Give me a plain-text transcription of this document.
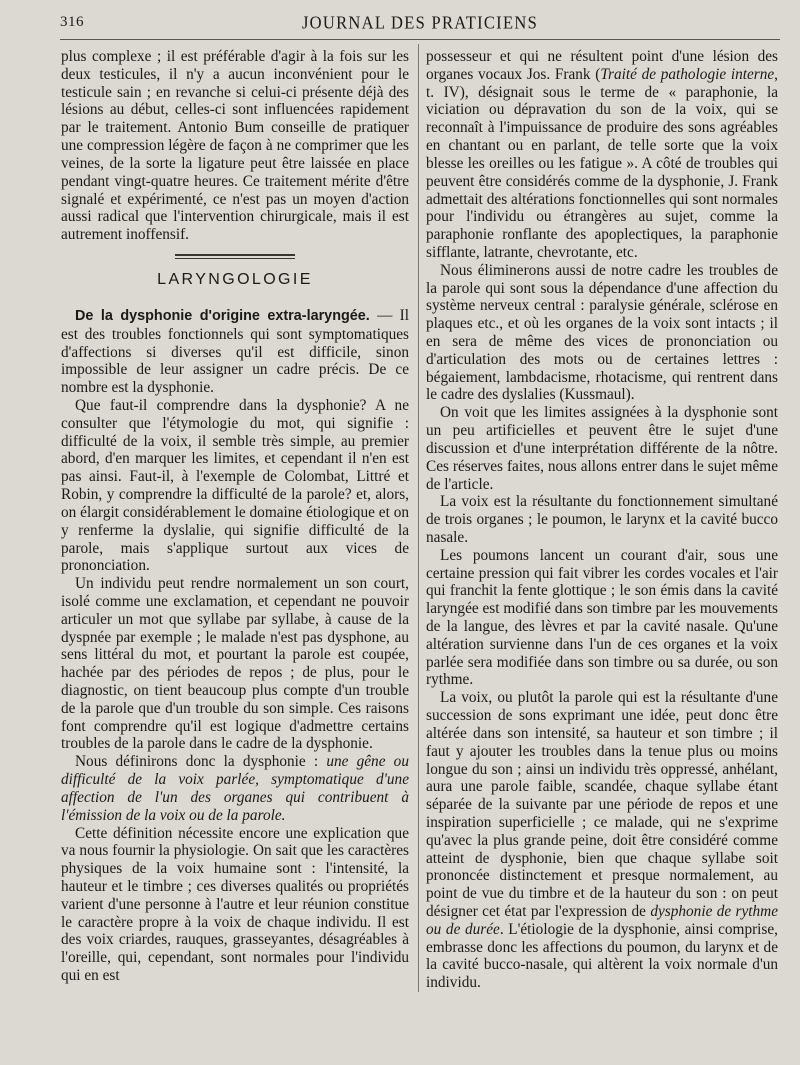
316	JOURNAL DES PRATICIENS

plus complexe ; il est préférable d'agir à la fois sur les deux testicules, il n'y a aucun inconvénient pour le testicule sain ; en revanche si celui-ci présente déjà des lésions au début, celles-ci sont influencées rapidement par le traitement. Antonio Bum conseille de pratiquer une compression légère de façon à ne comprimer que les veines, de la sorte la ligature peut être laissée en place pendant vingt-quatre heures. Ce traitement mérite d'être signalé et expérimenté, ce n'est pas un moyen d'action aussi radical que l'intervention chirurgicale, mais il est autrement inoffensif.

LARYNGOLOGIE

De la dysphonie d'origine extra-laryngée. — Il est des troubles fonctionnels qui sont symptomatiques d'affections si diverses qu'il est difficile, sinon impossible de leur assigner un cadre précis. De ce nombre est la dysphonie.

Que faut-il comprendre dans la dysphonie? A ne consulter que l'étymologie du mot, qui signifie : difficulté de la voix, il semble très simple, au premier abord, d'en marquer les limites, et cependant il n'en est pas ainsi. Faut-il, à l'exemple de Colombat, Littré et Robin, y comprendre la difficulté de la parole? et, alors, on élargit considérablement le domaine étiologique et on y renferme la dyslalie, qui signifie difficulté de la parole, mais s'applique surtout aux vices de prononciation.

Un individu peut rendre normalement un son court, isolé comme une exclamation, et cependant ne pouvoir articuler un mot que syllabe par syllabe, à cause de la dyspnée par exemple ; le malade n'est pas dysphone, au sens littéral du mot, et pourtant la parole est coupée, hachée par des périodes de repos ; de plus, pour le diagnostic, on tient beaucoup plus compte d'un trouble de la parole que d'un trouble du son simple. Ces raisons font comprendre qu'il est logique d'admettre certains troubles de la parole dans le cadre de la dysphonie.

Nous définirons donc la dysphonie : une gêne ou difficulté de la voix parlée, symptomatique d'une affection de l'un des organes qui contribuent à l'émission de la voix ou de la parole.

Cette définition nécessite encore une explication que va nous fournir la physiologie. On sait que les caractères physiques de la voix humaine sont : l'intensité, la hauteur et le timbre ; ces diverses qualités ou propriétés varient d'une personne à l'autre et leur réunion constitue le caractère propre à la voix de chaque individu. Il est des voix criardes, rauques, grasseyantes, désagréables à l'oreille, qui, cependant, sont normales pour l'individu qui en est

possesseur et qui ne résultent point d'une lésion des organes vocaux Jos. Frank (Traité de pathologie interne, t. IV), désignait sous le terme de « paraphonie, la viciation ou dépravation du son de la voix, qui se reconnaît à l'impuissance de produire des sons agréables en chantant ou en parlant, de telle sorte que la voix blesse les oreilles ou les fatigue ». A côté de troubles qui peuvent être considérés comme de la dysphonie, J. Frank admettait des altérations fonctionnelles qui sont normales pour l'individu ou étrangères au sujet, comme la paraphonie ronflante des apoplectiques, la paraphonie sifflante, latrante, chevrotante, etc.

Nous éliminerons aussi de notre cadre les troubles de la parole qui sont sous la dépendance d'une affection du système nerveux central : paralysie générale, sclérose en plaques etc., et où les organes de la voix sont intacts ; il en sera de même des vices de prononciation ou d'articulation des mots ou de certaines lettres : bégaiement, lambdacisme, rhotacisme, qui rentrent dans le cadre des dyslalies (Kussmaul).

On voit que les limites assignées à la dysphonie sont un peu artificielles et peuvent être le sujet d'une discussion et d'une interprétation différente de la nôtre. Ces réserves faites, nous allons entrer dans le sujet même de l'article.

La voix est la résultante du fonctionnement simultané de trois organes ; le poumon, le larynx et la cavité bucco nasale.

Les poumons lancent un courant d'air, sous une certaine pression qui fait vibrer les cordes vocales et l'air qui franchit la fente glottique ; le son émis dans la cavité laryngée est modifié dans son timbre par les mouvements de la langue, des lèvres et par la cavité nasale. Qu'une altération survienne dans l'un de ces organes et la voix parlée sera modifiée dans son timbre ou sa durée, ou son rythme.

La voix, ou plutôt la parole qui est la résultante d'une succession de sons exprimant une idée, peut donc être altérée dans son intensité, sa hauteur et son timbre ; il faut y ajouter les troubles dans la tenue plus ou moins longue du son ; ainsi un individu très oppressé, anhélant, aura une parole faible, scandée, chaque syllabe étant séparée de la suivante par une période de repos et une inspiration superficielle ; ce malade, qui ne s'exprime qu'avec la plus grande peine, doit être considéré comme atteint de dysphonie, bien que chaque syllabe soit prononcée distinctement et presque normalement, au point de vue du timbre et de la hauteur du son : on peut désigner cet état par l'expression de dysphonie de rythme ou de durée. L'étiologie de la dysphonie, ainsi comprise, embrasse donc les affections du poumon, du larynx et de la cavité bucco-nasale, qui altèrent la voix normale d'un individu.
